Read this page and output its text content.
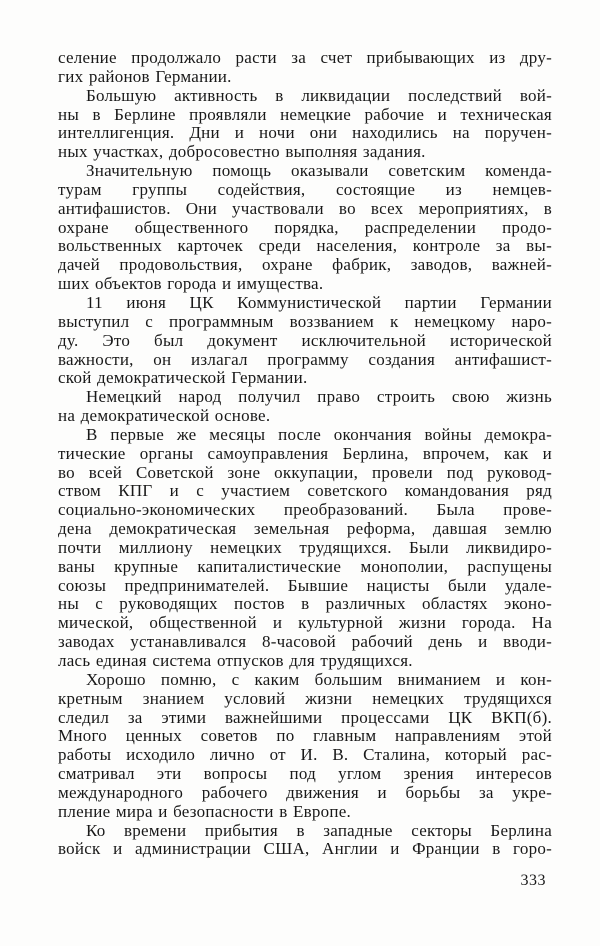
селение продолжало расти за счет прибывающих из дру-
гих районов Германии.
Большую активность в ликвидации последствий вой-
ны в Берлине проявляли немецкие рабочие и техническая
интеллигенция. Дни и ночи они находились на поручен-
ных участках, добросовестно выполняя задания.
Значительную помощь оказывали советским коменда-
турам группы содействия, состоящие из немцев-
антифашистов. Они участвовали во всех мероприятиях, в
охране общественного порядка, распределении продо-
вольственных карточек среди населения, контроле за вы-
дачей продовольствия, охране фабрик, заводов, важней-
ших объектов города и имущества.
11 июня ЦК Коммунистической партии Германии
выступил с программным воззванием к немецкому наро-
ду. Это был документ исключительной исторической
важности, он излагал программу создания антифашист-
ской демократической Германии.
Немецкий народ получил право строить свою жизнь
на демократической основе.
В первые же месяцы после окончания войны демокра-
тические органы самоуправления Берлина, впрочем, как и
во всей Советской зоне оккупации, провели под руковод-
ством КПГ и с участием советского командования ряд
социально-экономических преобразований. Была прове-
дена демократическая земельная реформа, давшая землю
почти миллиону немецких трудящихся. Были ликвидиро-
ваны крупные капиталистические монополии, распущены
союзы предпринимателей. Бывшие нацисты были удале-
ны с руководящих постов в различных областях эконо-
мической, общественной и культурной жизни города. На
заводах устанавливался 8-часовой рабочий день и вводи-
лась единая система отпусков для трудящихся.
Хорошо помню, с каким большим вниманием и кон-
кретным знанием условий жизни немецких трудящихся
следил за этими важнейшими процессами ЦК ВКП(б).
Много ценных советов по главным направлениям этой
работы исходило лично от И. В. Сталина, который рас-
сматривал эти вопросы под углом зрения интересов
международного рабочего движения и борьбы за укре-
пление мира и безопасности в Европе.
Ко времени прибытия в западные секторы Берлина
войск и администрации США, Англии и Франции в горо-
333
